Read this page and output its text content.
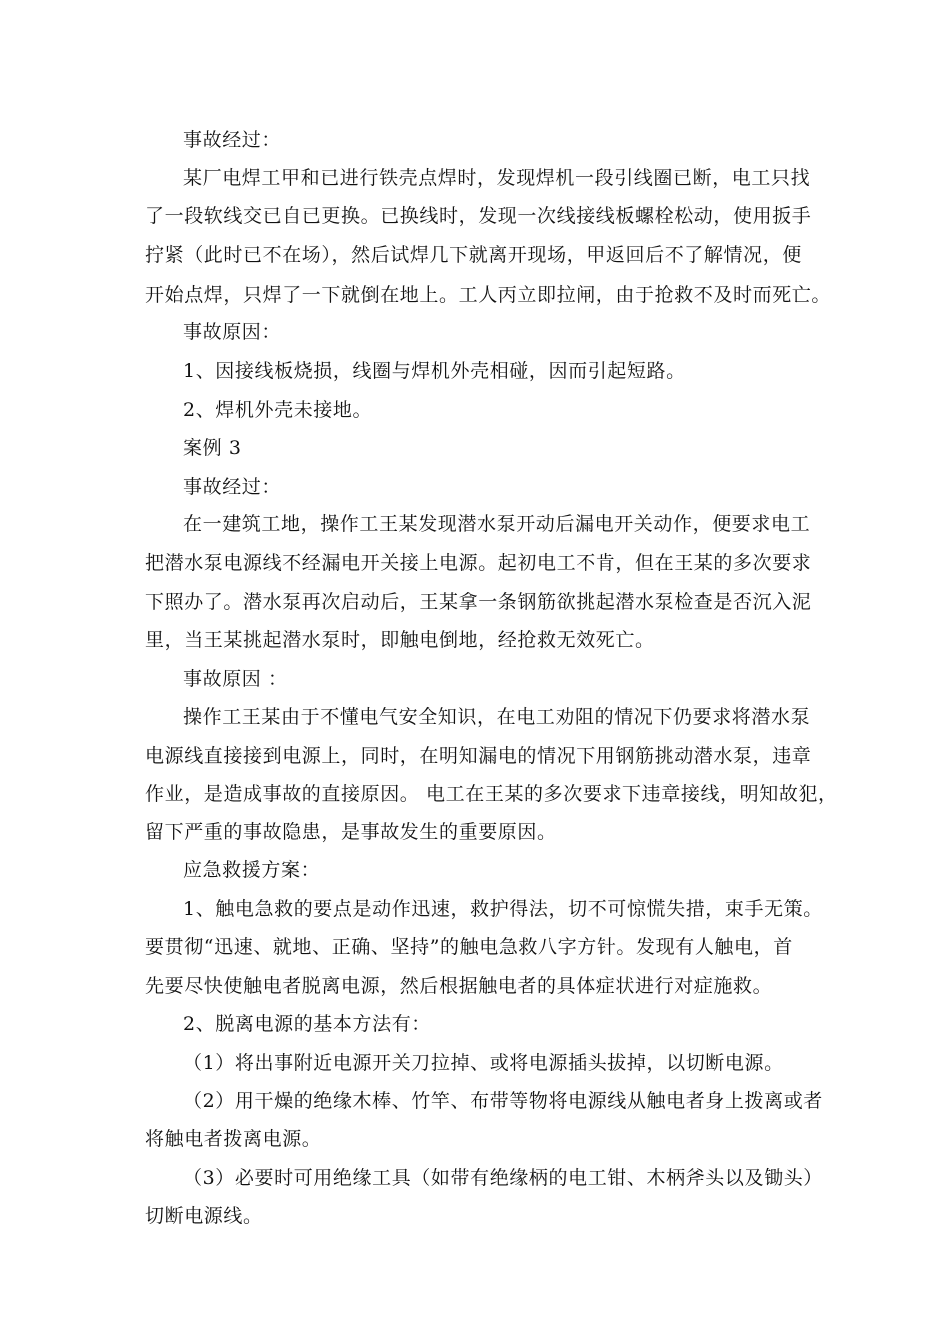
事故经过：
某厂电焊工甲和已进行铁壳点焊时，发现焊机一段引线圈已断，电工只找
了一段软线交已自已更换。已换线时，发现一次线接线板螺栓松动，使用扳手
拧紧（此时已不在场），然后试焊几下就离开现场，甲返回后不了解情况，便
开始点焊，只焊了一下就倒在地上。工人丙立即拉闸，由于抢救不及时而死亡。
事故原因：
1、因接线板烧损，线圈与焊机外壳相碰，因而引起短路。
2、焊机外壳未接地。
案例 3
事故经过：
在一建筑工地，操作工王某发现潜水泵开动后漏电开关动作，便要求电工
把潜水泵电源线不经漏电开关接上电源。起初电工不肯，但在王某的多次要求
下照办了。潜水泵再次启动后，王某拿一条钢筋欲挑起潜水泵检查是否沉入泥
里，当王某挑起潜水泵时，即触电倒地，经抢救无效死亡。
事故原因 ：
操作工王某由于不懂电气安全知识，在电工劝阻的情况下仍要求将潜水泵
电源线直接接到电源上，同时，在明知漏电的情况下用钢筋挑动潜水泵，违章
作业，是造成事故的直接原因。 电工在王某的多次要求下违章接线，明知故犯，
留下严重的事故隐患，是事故发生的重要原因。
应急救援方案：
1、触电急救的要点是动作迅速，救护得法，切不可惊慌失措，束手无策。
要贯彻“迅速、就地、正确、坚持”的触电急救八字方针。发现有人触电，首
先要尽快使触电者脱离电源，然后根据触电者的具体症状进行对症施救。
2、脱离电源的基本方法有：
（1）将出事附近电源开关刀拉掉、或将电源插头拔掉，以切断电源。
（2）用干燥的绝缘木棒、竹竿、布带等物将电源线从触电者身上拨离或者
将触电者拨离电源。
（3）必要时可用绝缘工具（如带有绝缘柄的电工钳、木柄斧头以及锄头）
切断电源线。
